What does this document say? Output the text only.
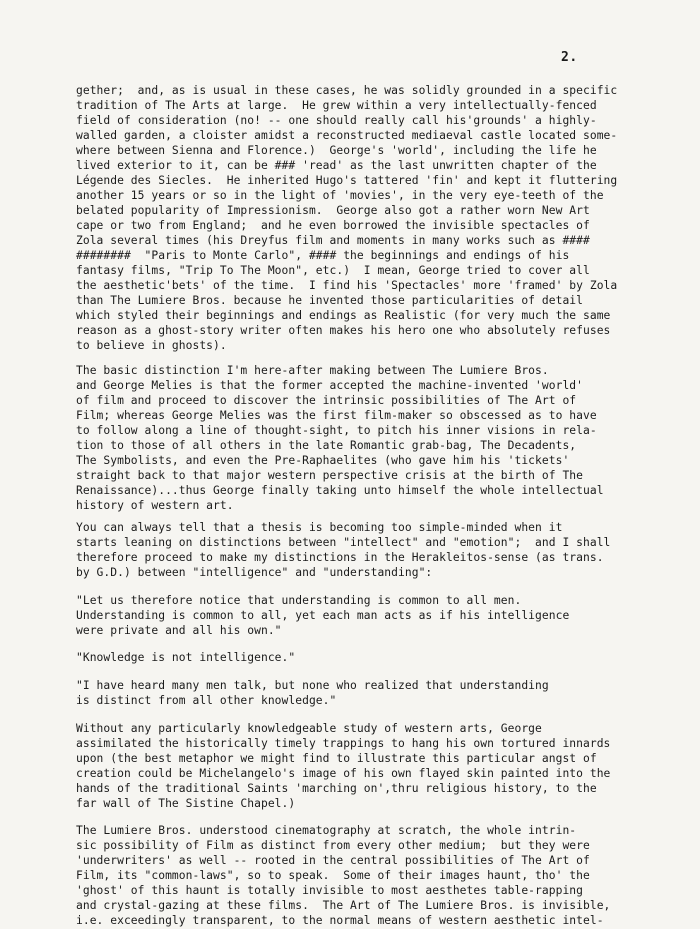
2.
gether;  and, as is usual in these cases, he was solidly grounded in a specific
tradition of The Arts at large.  He grew within a very intellectually-fenced
field of consideration (no! -- one should really call his'grounds' a highly-
walled garden, a cloister amidst a reconstructed mediaeval castle located some-
where between Sienna and Florence.)  George's 'world', including the life he
lived exterior to it, can be ### 'read' as the last unwritten chapter of the
Légende des Siecles.  He inherited Hugo's tattered 'fin' and kept it fluttering
another 15 years or so in the light of 'movies', in the very eye-teeth of the
belated popularity of Impressionism.  George also got a rather worn New Art
cape or two from England;  and he even borrowed the invisible spectacles of
Zola several times (his Dreyfus film and moments in many works such as ####
########  "Paris to Monte Carlo", #### the beginnings and endings of his
fantasy films, "Trip To The Moon", etc.)  I mean, George tried to cover all
the aesthetic'bets' of the time.  I find his 'Spectacles' more 'framed' by Zola
than The Lumiere Bros. because he invented those particularities of detail
which styled their beginnings and endings as Realistic (for very much the same
reason as a ghost-story writer often makes his hero one who absolutely refuses
to believe in ghosts).
The basic distinction I'm here-after making between The Lumiere Bros.
and George Melies is that the former accepted the machine-invented 'world'
of film and proceed to discover the intrinsic possibilities of The Art of
Film; whereas George Melies was the first film-maker so obscessed as to have
to follow along a line of thought-sight, to pitch his inner visions in rela-
tion to those of all others in the late Romantic grab-bag, The Decadents,
The Symbolists, and even the Pre-Raphaelites (who gave him his 'tickets'
straight back to that major western perspective crisis at the birth of The
Renaissance)...thus George finally taking unto himself the whole intellectual
history of western art.
You can always tell that a thesis is becoming too simple-minded when it
starts leaning on distinctions between "intellect" and "emotion";  and I shall
therefore proceed to make my distinctions in the Herakleitos-sense (as trans.
by G.D.) between "intelligence" and "understanding":
"Let us therefore notice that understanding is common to all men.
Understanding is common to all, yet each man acts as if his intelligence
were private and all his own."
"Knowledge is not intelligence."
"I have heard many men talk, but none who realized that understanding
is distinct from all other knowledge."
Without any particularly knowledgeable study of western arts, George
assimilated the historically timely trappings to hang his own tortured innards
upon (the best metaphor we might find to illustrate this particular angst of
creation could be Michelangelo's image of his own flayed skin painted into the
hands of the traditional Saints 'marching on',thru religious history, to the
far wall of The Sistine Chapel.)
The Lumiere Bros. understood cinematography at scratch, the whole intrin-
sic possibility of Film as distinct from every other medium;  but they were
'underwriters' as well -- rooted in the central possibilities of The Art of
Film, its "common-laws", so to speak.  Some of their images haunt, tho' the
'ghost' of this haunt is totally invisible to most aesthetes table-rapping
and crystal-gazing at these films.  The Art of The Lumiere Bros. is invisible,
i.e. exceedingly transparent, to the normal means of western aesthetic intel-
